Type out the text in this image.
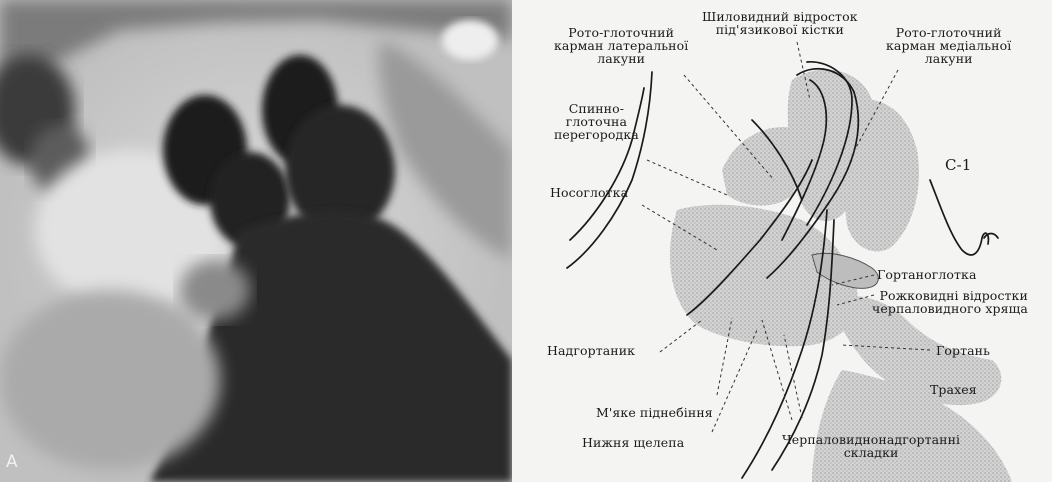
A
Рото-глоточний
карман латеральної
лакуни
Шиловидний відросток
під'язикової кістки	Рото-глоточний
карман медіальної
лакуни
Спинно-
глоточна
перегородка
C-1
Носоглотка
Гортаноглотка
Рожковидні відростки
черпаловидного хряща
Надгортаник	Гортань
Трахея
М'яке піднебіння
Нижня щелепа	Черпаловиднонадгортанні
складки
